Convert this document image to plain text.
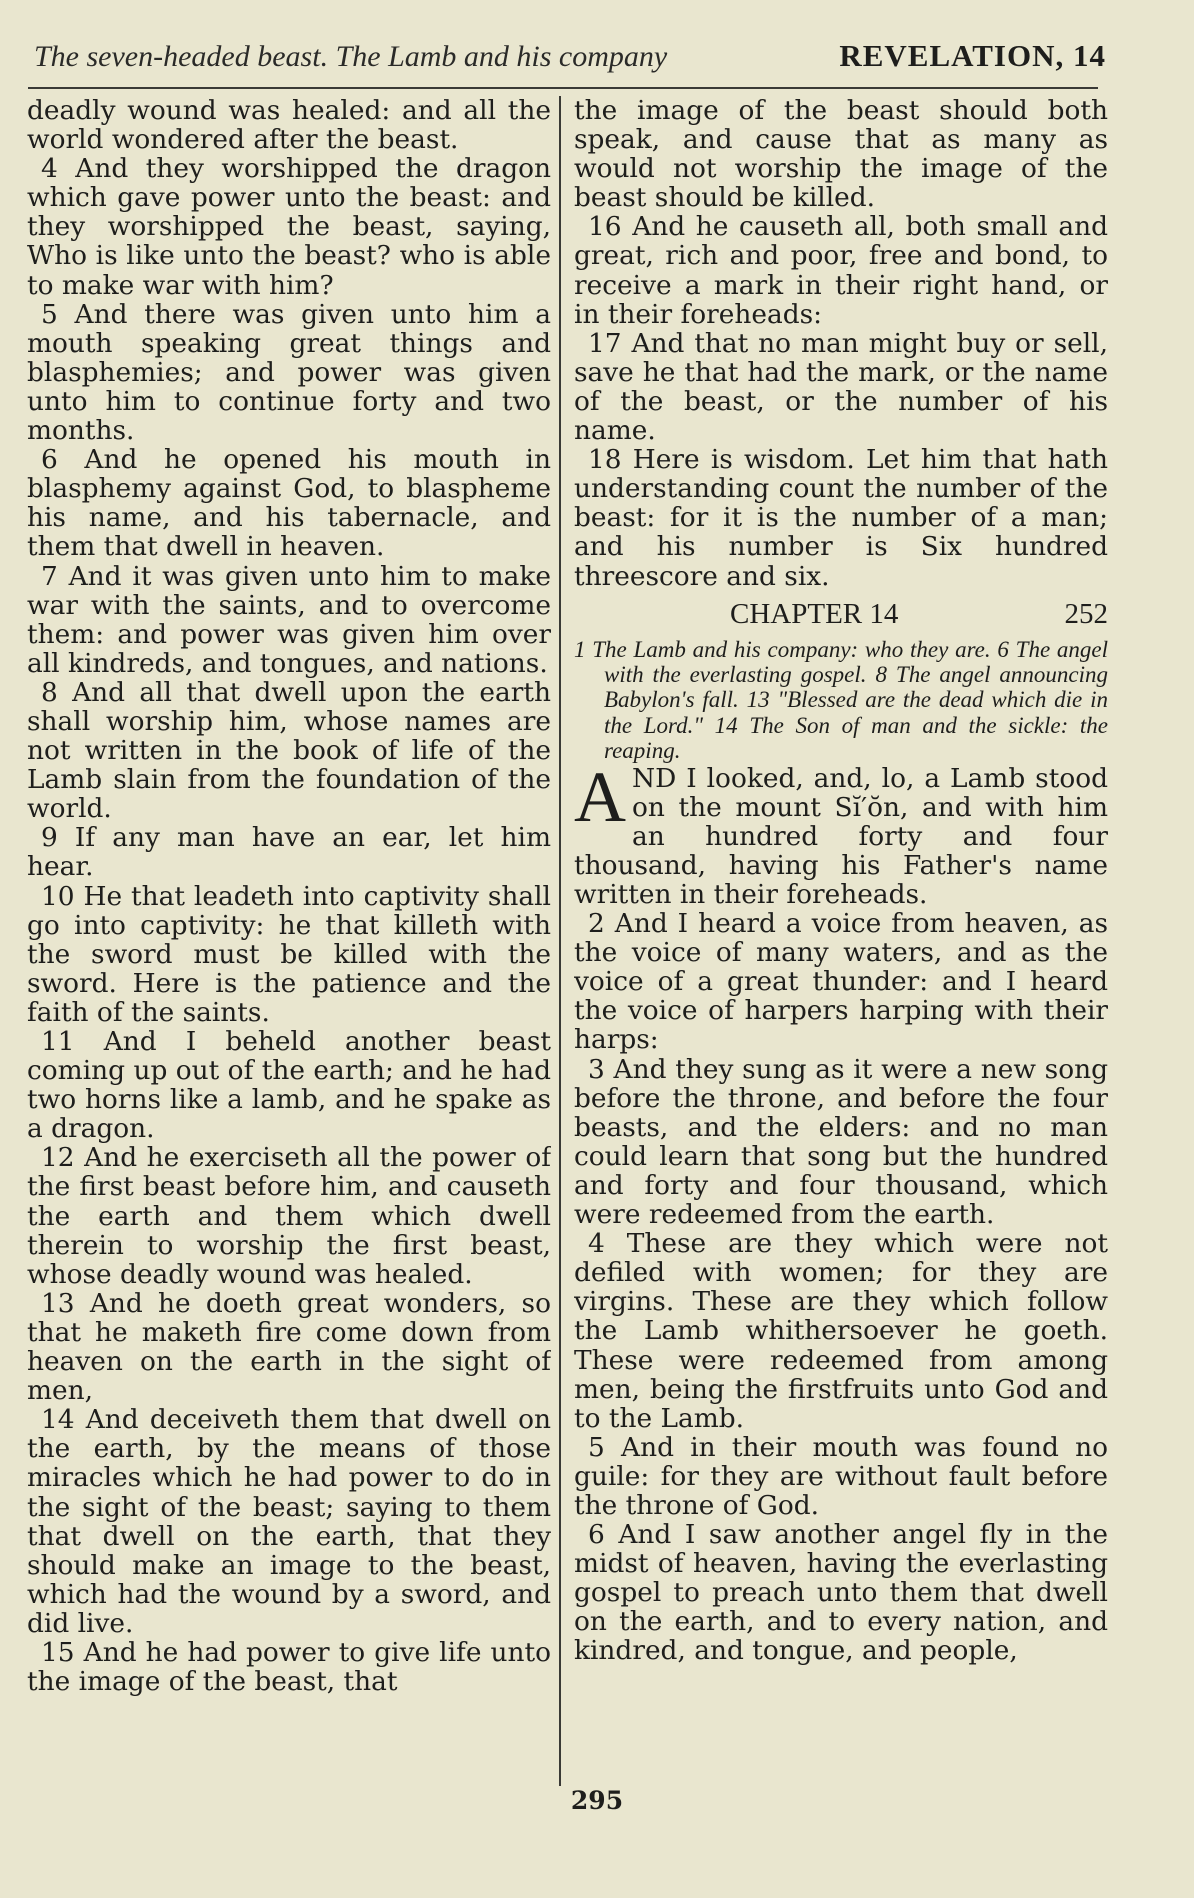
The seven-headed beast. The Lamb and his company	REVELATION, 14

deadly wound was healed: and all the world wondered after the beast.

4 And they worshipped the dragon which gave power unto the beast: and they worshipped the beast, saying, Who is like unto the beast? who is able to make war with him?

5 And there was given unto him a mouth speaking great things and blasphemies; and power was given unto him to continue forty and two months.

6 And he opened his mouth in blasphemy against God, to blaspheme his name, and his tabernacle, and them that dwell in heaven.

7 And it was given unto him to make war with the saints, and to overcome them: and power was given him over all kindreds, and tongues, and nations.

8 And all that dwell upon the earth shall worship him, whose names are not written in the book of life of the Lamb slain from the foundation of the world.

9 If any man have an ear, let him hear.

10 He that leadeth into captivity shall go into captivity: he that killeth with the sword must be killed with the sword. Here is the patience and the faith of the saints.

11 And I beheld another beast coming up out of the earth; and he had two horns like a lamb, and he spake as a dragon.

12 And he exerciseth all the power of the first beast before him, and causeth the earth and them which dwell therein to worship the first beast, whose deadly wound was healed.

13 And he doeth great wonders, so that he maketh fire come down from heaven on the earth in the sight of men,

14 And deceiveth them that dwell on the earth, by the means of those miracles which he had power to do in the sight of the beast; saying to them that dwell on the earth, that they should make an image to the beast, which had the wound by a sword, and did live.

15 And he had power to give life unto the image of the beast, that

the image of the beast should both speak, and cause that as many as would not worship the image of the beast should be killed.

16 And he causeth all, both small and great, rich and poor, free and bond, to receive a mark in their right hand, or in their foreheads:

17 And that no man might buy or sell, save he that had the mark, or the name of the beast, or the number of his name.

18 Here is wisdom. Let him that hath understanding count the number of the beast: for it is the number of a man; and his number is Six hundred threescore and six.

CHAPTER 14	252

1 The Lamb and his company: who they are. 6 The angel with the everlasting gospel. 8 The angel announcing Babylon's fall. 13 "Blessed are the dead which die in the Lord." 14 The Son of man and the sickle: the reaping.

AND I looked, and, lo, a Lamb stood on the mount Sĭ′ŏn, and with him an hundred forty and four thousand, having his Father's name written in their foreheads.

2 And I heard a voice from heaven, as the voice of many waters, and as the voice of a great thunder: and I heard the voice of harpers harping with their harps:

3 And they sung as it were a new song before the throne, and before the four beasts, and the elders: and no man could learn that song but the hundred and forty and four thousand, which were redeemed from the earth.

4 These are they which were not defiled with women; for they are virgins. These are they which follow the Lamb whithersoever he goeth. These were redeemed from among men, being the firstfruits unto God and to the Lamb.

5 And in their mouth was found no guile: for they are without fault before the throne of God.

6 And I saw another angel fly in the midst of heaven, having the everlasting gospel to preach unto them that dwell on the earth, and to every nation, and kindred, and tongue, and people,

295
